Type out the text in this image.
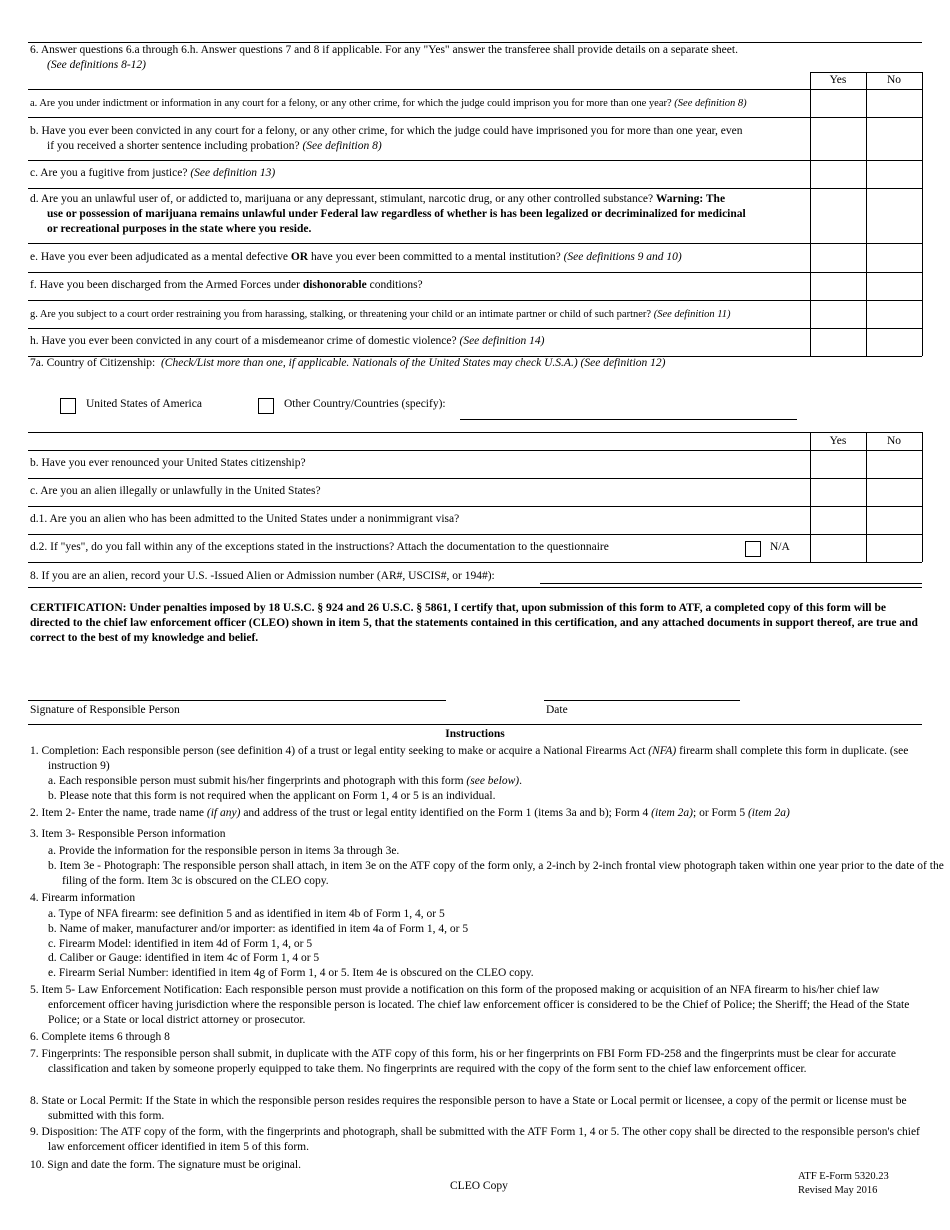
6. Answer questions 6.a through 6.h. Answer questions 7 and 8 if applicable. For any "Yes" answer the transferee shall provide details on a separate sheet.
(See definitions 8-12)
Yes	No
a. Are you under indictment or information in any court for a felony, or any other crime, for which the judge could imprison you for more than one year? (See definition 8)
b. Have you ever been convicted in any court for a felony, or any other crime, for which the judge could have imprisoned you for more than one year, even
if you received a shorter sentence including probation? (See definition 8)
c. Are you a fugitive from justice? (See definition 13)
d. Are you an unlawful user of, or addicted to, marijuana or any depressant, stimulant, narcotic drug, or any other controlled substance? Warning: The
use or possession of marijuana remains unlawful under Federal law regardless of whether is has been legalized or decriminalized for medicinal
or recreational purposes in the state where you reside.
e. Have you ever been adjudicated as a mental defective OR have you ever been committed to a mental institution? (See definitions 9 and 10)
f. Have you been discharged from the Armed Forces under dishonorable conditions?
g. Are you subject to a court order restraining you from harassing, stalking, or threatening your child or an intimate partner or child of such partner? (See definition 11)
h. Have you ever been convicted in any court of a misdemeanor crime of domestic violence? (See definition 14)
7a. Country of Citizenship: (Check/List more than one, if applicable. Nationals of the United States may check U.S.A.) (See definition 12)
United States of America	Other Country/Countries (specify):
Yes	No
b. Have you ever renounced your United States citizenship?
c. Are you an alien illegally or unlawfully in the United States?
d.1. Are you an alien who has been admitted to the United States under a nonimmigrant visa?
d.2. If "yes", do you fall within any of the exceptions stated in the instructions? Attach the documentation to the questionnaire	N/A
8. If you are an alien, record your U.S. -Issued Alien or Admission number (AR#, USCIS#, or 194#):
CERTIFICATION: Under penalties imposed by 18 U.S.C. § 924 and 26 U.S.C. § 5861, I certify that, upon submission of this form to ATF, a completed copy of this form will be directed to the chief law enforcement officer (CLEO) shown in item 5, that the statements contained in this certification, and any attached documents in support thereof, are true and correct to the best of my knowledge and belief.
Signature of Responsible Person	Date
Instructions
1. Completion: Each responsible person (see definition 4) of a trust or legal entity seeking to make or acquire a National Firearms Act (NFA) firearm shall complete this form in duplicate. (see instruction 9)
a. Each responsible person must submit his/her fingerprints and photograph with this form (see below).
b. Please note that this form is not required when the applicant on Form 1, 4 or 5 is an individual.
2. Item 2- Enter the name, trade name (if any) and address of the trust or legal entity identified on the Form 1 (items 3a and b); Form 4 (item 2a); or Form 5 (item 2a)
3. Item 3- Responsible Person information
a. Provide the information for the responsible person in items 3a through 3e.
b. Item 3e - Photograph: The responsible person shall attach, in item 3e on the ATF copy of the form only, a 2-inch by 2-inch frontal view photograph taken within one year prior to the date of the filing of the form. Item 3c is obscured on the CLEO copy.
4. Firearm information
a. Type of NFA firearm: see definition 5 and as identified in item 4b of Form 1, 4, or 5
b. Name of maker, manufacturer and/or importer: as identified in item 4a of Form 1, 4, or 5
c. Firearm Model: identified in item 4d of Form 1, 4, or 5
d. Caliber or Gauge: identified in item 4c of Form 1, 4 or 5
e. Firearm Serial Number: identified in item 4g of Form 1, 4 or 5. Item 4e is obscured on the CLEO copy.
5. Item 5- Law Enforcement Notification: Each responsible person must provide a notification on this form of the proposed making or acquisition of an NFA firearm to his/her chief law enforcement officer having jurisdiction where the responsible person is located. The chief law enforcement officer is considered to be the Chief of Police; the Sheriff; the Head of the State Police; or a State or local district attorney or prosecutor.
6. Complete items 6 through 8
7. Fingerprints: The responsible person shall submit, in duplicate with the ATF copy of this form, his or her fingerprints on FBI Form FD-258 and the fingerprints must be clear for accurate classification and taken by someone properly equipped to take them. No fingerprints are required with the copy of the form sent to the chief law enforcement officer.
8. State or Local Permit: If the State in which the responsible person resides requires the responsible person to have a State or Local permit or licensee, a copy of the permit or license must be submitted with this form.
9. Disposition: The ATF copy of the form, with the fingerprints and photograph, shall be submitted with the ATF Form 1, 4 or 5. The other copy shall be directed to the responsible person's chief law enforcement officer identified in item 5 of this form.
10. Sign and date the form. The signature must be original.
CLEO Copy
ATF E-Form 5320.23
Revised May 2016
